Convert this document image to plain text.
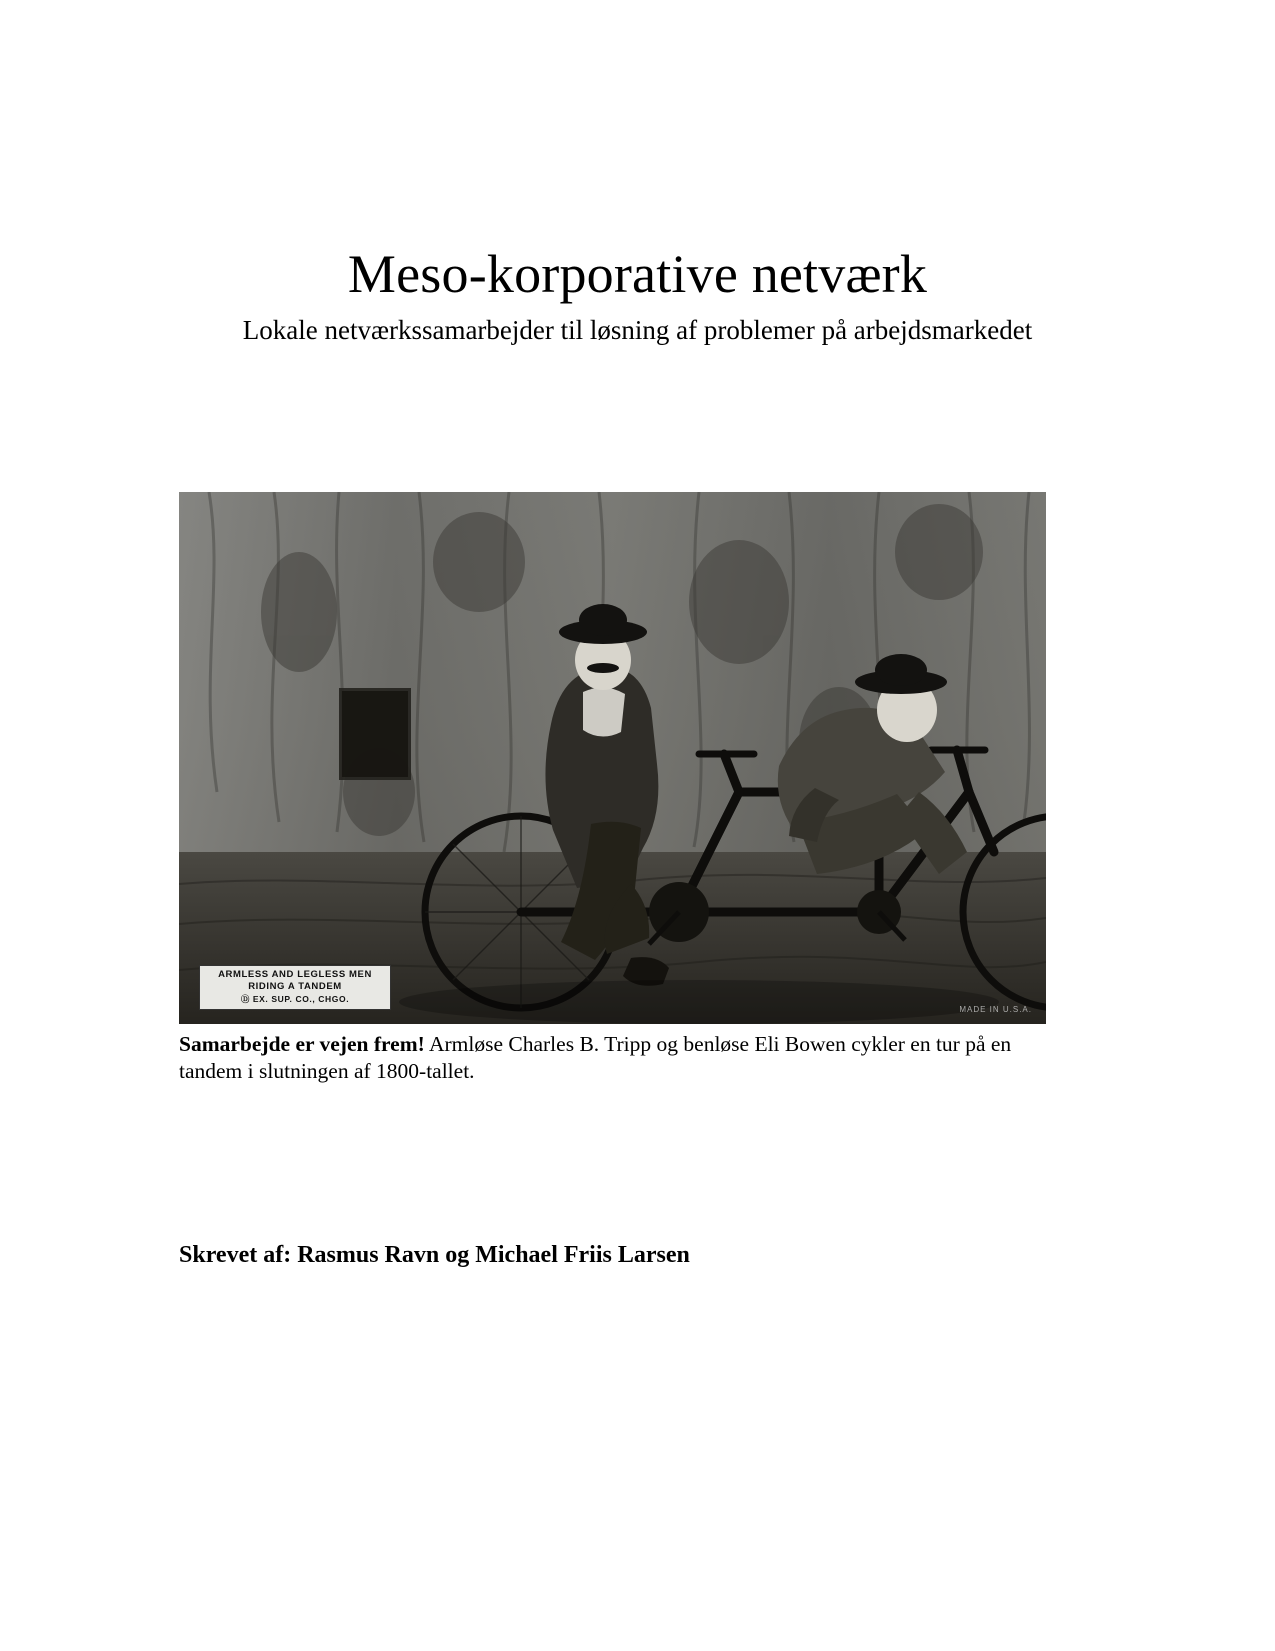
Meso-korporative netværk

Lokale netværkssamarbejder til løsning af problemer på arbejdsmarkedet

ARMLESS AND LEGLESS MEN
RIDING A TANDEM
Ⓓ EX. SUP. CO., CHGO.
MADE IN U.S.A.
Samarbejde er vejen frem! Armløse Charles B. Tripp og benløse Eli Bowen cykler en tur på en tandem i slutningen af 1800-tallet.
Skrevet af: Rasmus Ravn og Michael Friis Larsen
